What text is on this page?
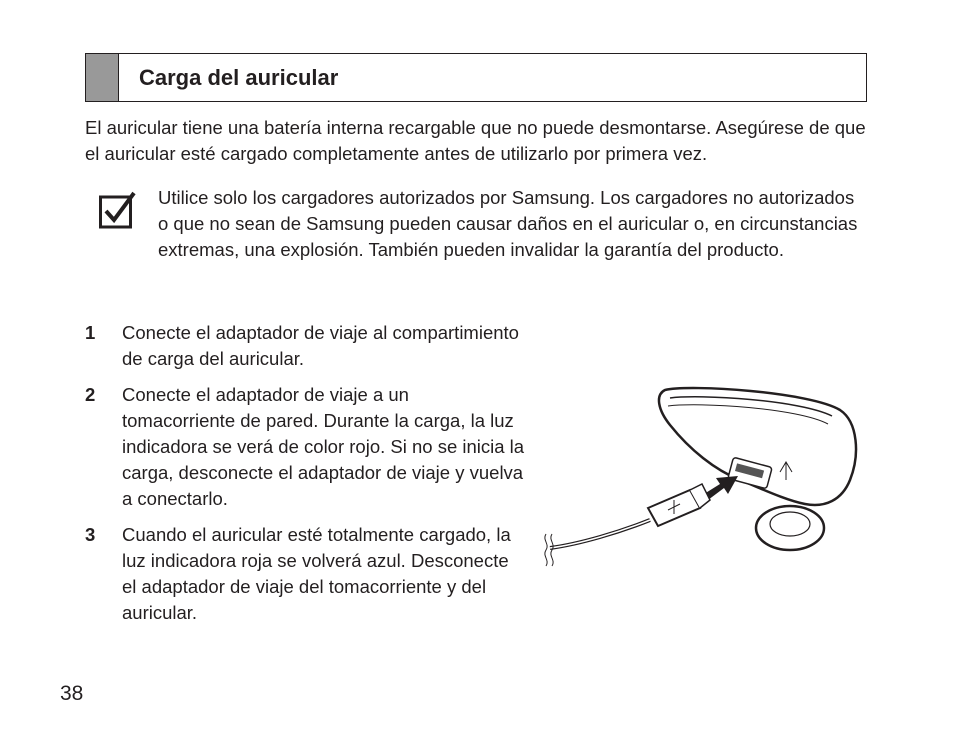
Carga del auricular

El auricular tiene una batería interna recargable que no puede desmontarse. Asegúrese de que el auricular esté cargado completamente antes de utilizarlo por primera vez.

Utilice solo los cargadores autorizados por Samsung. Los cargadores no autorizados o que no sean de Samsung pueden causar daños en el auricular o, en circunstancias extremas, una explosión. También pueden invalidar la garantía del producto.

1 Conecte el adaptador de viaje al compartimiento de carga del auricular.
2 Conecte el adaptador de viaje a un tomacorriente de pared. Durante la carga, la luz indicadora se verá de color rojo. Si no se inicia la carga, desconecte el adaptador de viaje y vuelva a conectarlo.
3 Cuando el auricular esté totalmente cargado, la luz indicadora roja se volverá azul. Desconecte el adaptador de viaje del tomacorriente y del auricular.
38
